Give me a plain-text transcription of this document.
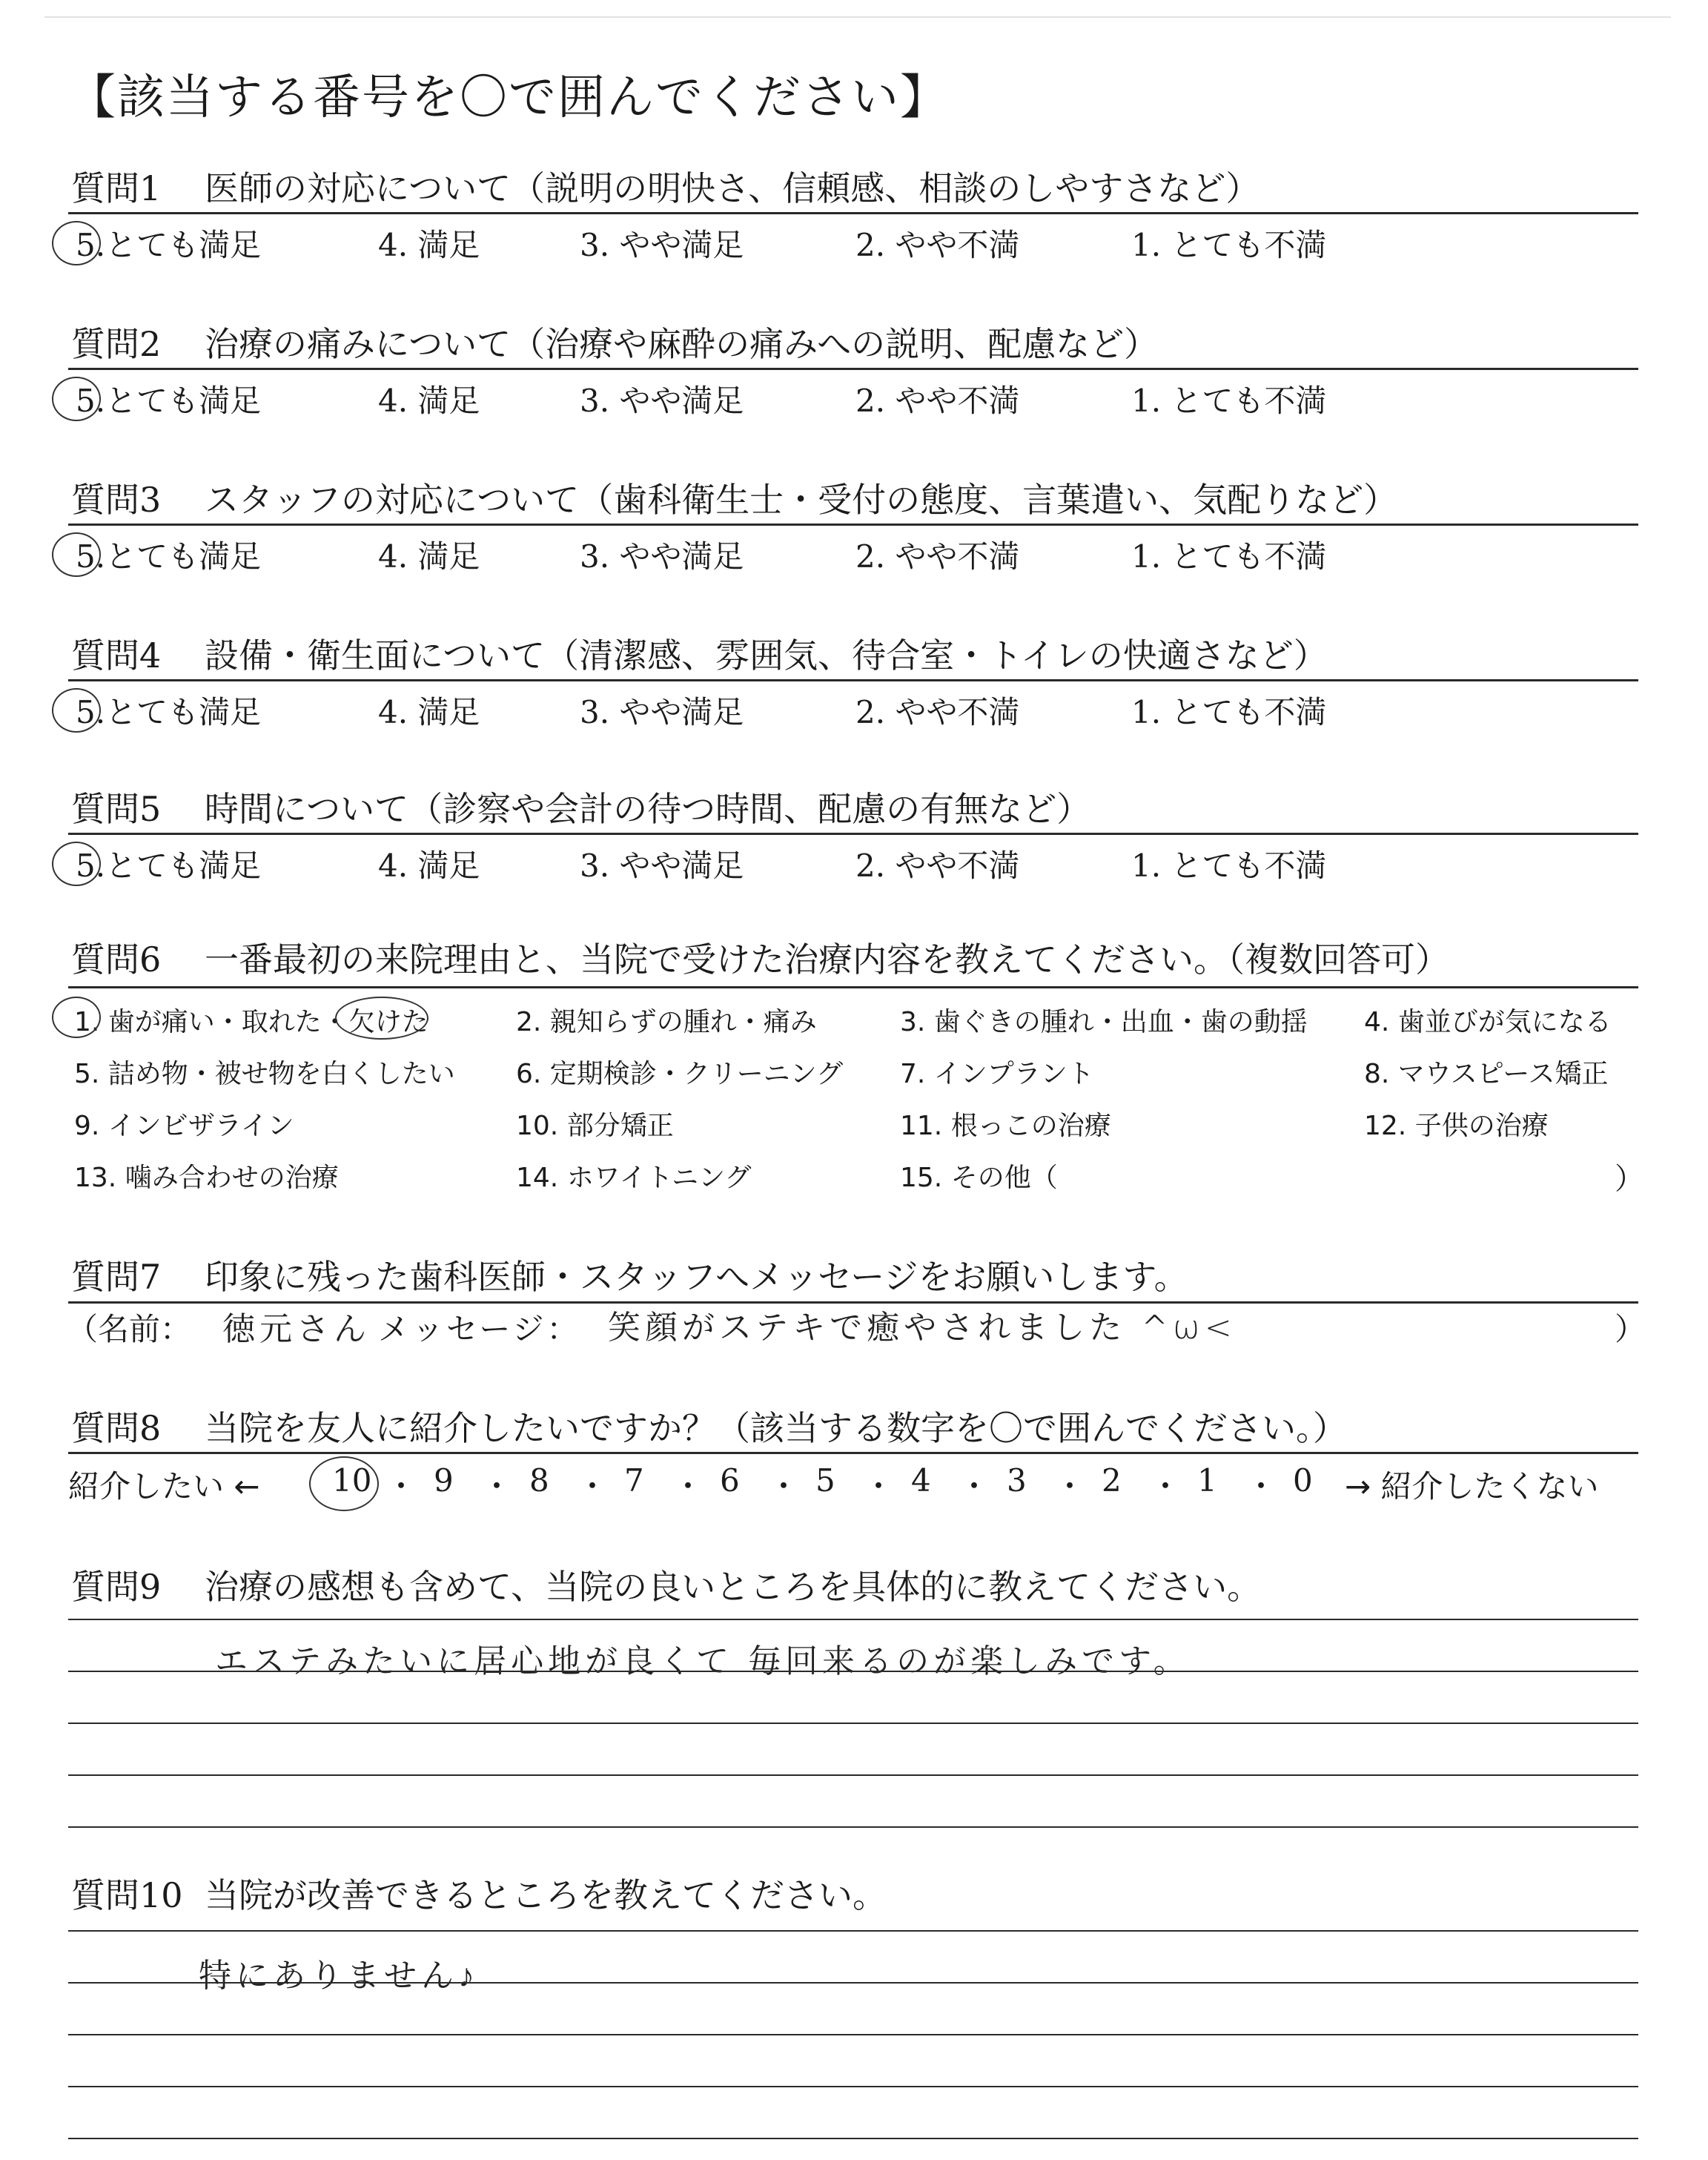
【該当する番号を〇で囲んでください】
質問1 医師の対応について（説明の明快さ、信頼感、相談のしやすさなど）
5.とても満足	4. 満足	3. やや満足	2. やや不満	1. とても不満
質問2 治療の痛みについて（治療や麻酔の痛みへの説明、配慮など）
5.とても満足	4. 満足	3. やや満足	2. やや不満	1. とても不満
質問3 スタッフの対応について（歯科衛生士・受付の態度、言葉遣い、気配りなど）
5.とても満足	4. 満足	3. やや満足	2. やや不満	1. とても不満
質問4 設備・衛生面について（清潔感、雰囲気、待合室・トイレの快適さなど）
5.とても満足	4. 満足	3. やや満足	2. やや不満	1. とても不満
質問5 時間について（診察や会計の待つ時間、配慮の有無など）
5.とても満足	4. 満足	3. やや満足	2. やや不満	1. とても不満
質問6 一番最初の来院理由と、当院で受けた治療内容を教えてください。（複数回答可）
1. 歯が痛い・取れた・欠けた	2. 親知らずの腫れ・痛み	3. 歯ぐきの腫れ・出血・歯の動揺 4. 歯並びが気になる
5. 詰め物・被せ物を白くしたい 6. 定期検診・クリーニング 7. インプラント	8. マウスピース矯正
9. インビザライン	10. 部分矯正	11. 根っこの治療	12. 子供の治療
13. 噛み合わせの治療	14. ホワイトニング	15. その他（	）
質問7 印象に残った歯科医師・スタッフへメッセージをお願いします。
（名前： 徳元さん メッセージ： 笑顔がステキで癒やされました ^ω<	）
質問8 当院を友人に紹介したいですか？（該当する数字を〇で囲んでください。）
紹介したい ← 10 ・ 9 ・ 8 ・ 7 ・ 6 ・ 5 ・ 4 ・ 3 ・ 2 ・ 1 ・ 0 → 紹介したくない
質問9 治療の感想も含めて、当院の良いところを具体的に教えてください。
エステみたいに居心地が良くて 毎回来るのが楽しみです。
質問10 当院が改善できるところを教えてください。
特にありません♪
